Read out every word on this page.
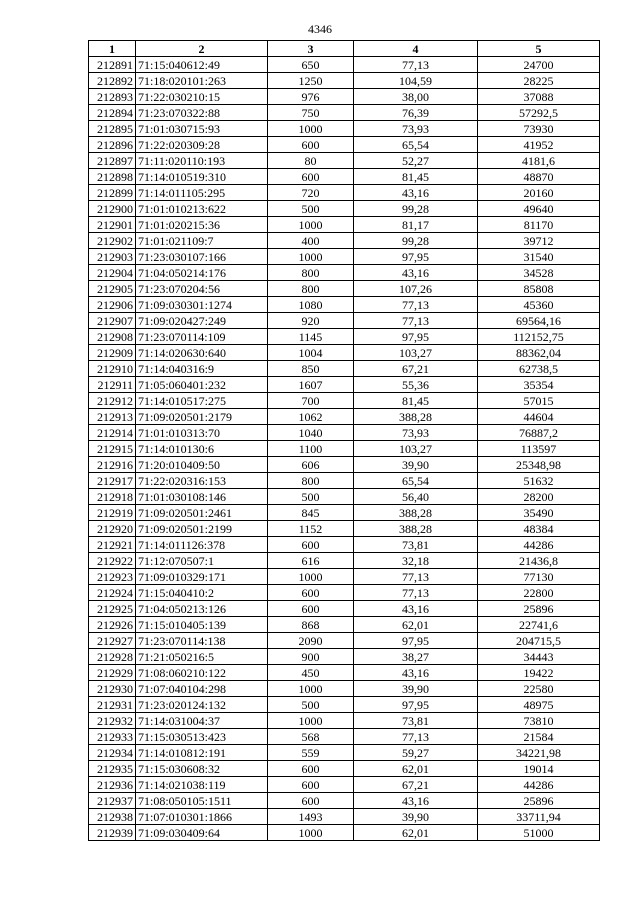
4346
1	2	3	4	5
212891	71:15:040612:49	650	77,13	24700
212892	71:18:020101:263	1250	104,59	28225
212893	71:22:030210:15	976	38,00	37088
212894	71:23:070322:88	750	76,39	57292,5
212895	71:01:030715:93	1000	73,93	73930
212896	71:22:020309:28	600	65,54	41952
212897	71:11:020110:193	80	52,27	4181,6
212898	71:14:010519:310	600	81,45	48870
212899	71:14:011105:295	720	43,16	20160
212900	71:01:010213:622	500	99,28	49640
212901	71:01:020215:36	1000	81,17	81170
212902	71:01:021109:7	400	99,28	39712
212903	71:23:030107:166	1000	97,95	31540
212904	71:04:050214:176	800	43,16	34528
212905	71:23:070204:56	800	107,26	85808
212906	71:09:030301:1274	1080	77,13	45360
212907	71:09:020427:249	920	77,13	69564,16
212908	71:23:070114:109	1145	97,95	112152,75
212909	71:14:020630:640	1004	103,27	88362,04
212910	71:14:040316:9	850	67,21	62738,5
212911	71:05:060401:232	1607	55,36	35354
212912	71:14:010517:275	700	81,45	57015
212913	71:09:020501:2179	1062	388,28	44604
212914	71:01:010313:70	1040	73,93	76887,2
212915	71:14:010130:6	1100	103,27	113597
212916	71:20:010409:50	606	39,90	25348,98
212917	71:22:020316:153	800	65,54	51632
212918	71:01:030108:146	500	56,40	28200
212919	71:09:020501:2461	845	388,28	35490
212920	71:09:020501:2199	1152	388,28	48384
212921	71:14:011126:378	600	73,81	44286
212922	71:12:070507:1	616	32,18	21436,8
212923	71:09:010329:171	1000	77,13	77130
212924	71:15:040410:2	600	77,13	22800
212925	71:04:050213:126	600	43,16	25896
212926	71:15:010405:139	868	62,01	22741,6
212927	71:23:070114:138	2090	97,95	204715,5
212928	71:21:050216:5	900	38,27	34443
212929	71:08:060210:122	450	43,16	19422
212930	71:07:040104:298	1000	39,90	22580
212931	71:23:020124:132	500	97,95	48975
212932	71:14:031004:37	1000	73,81	73810
212933	71:15:030513:423	568	77,13	21584
212934	71:14:010812:191	559	59,27	34221,98
212935	71:15:030608:32	600	62,01	19014
212936	71:14:021038:119	600	67,21	44286
212937	71:08:050105:1511	600	43,16	25896
212938	71:07:010301:1866	1493	39,90	33711,94
212939	71:09:030409:64	1000	62,01	51000
